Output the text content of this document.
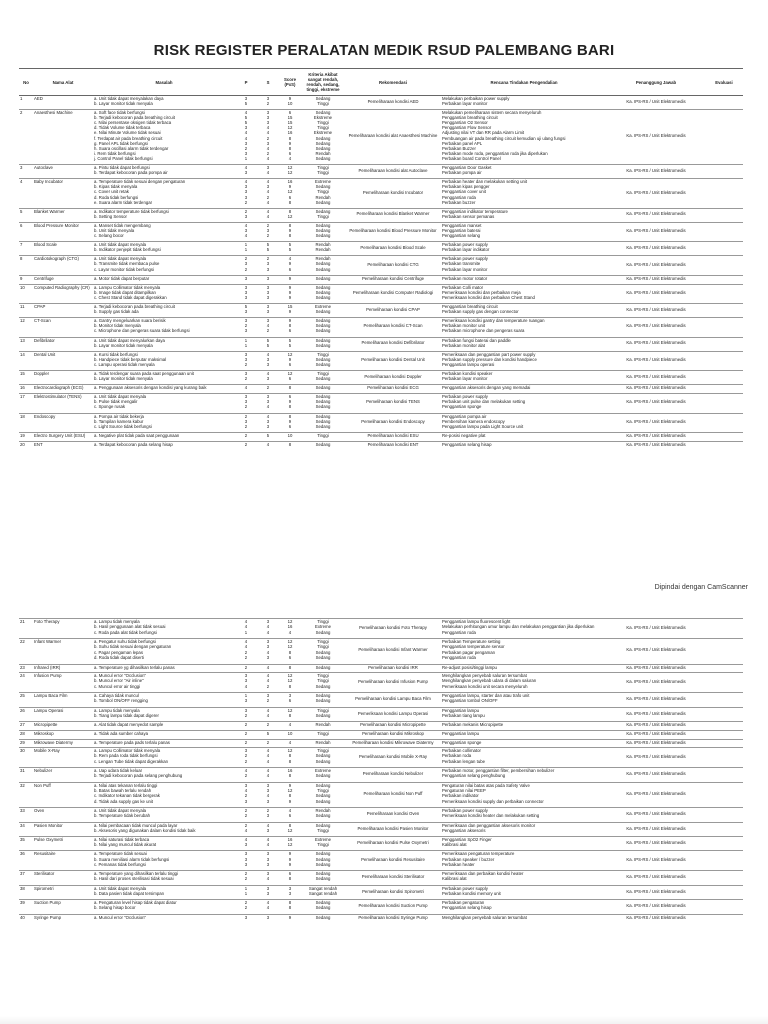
RISK REGISTER PERALATAN MEDIK RSUD PALEMBANG BARI
No	Nama Alat	Masalah	P	S	Score (PxS)	Kriteria Akibat sangat rendah, rendah, sedang, tinggi, ekstreme	Rekomendasi	Rencana Tindakan Pengendalian	Penanggung Jawab	Evaluasi
1	AED	a. Unit tidak dapat menyalakan daya	3	3	9	Sedang	Pemeliharaan kondisi AED	Melakukan perbaikan power supply	Ka. IPS-RS / Unit Elektromedis	
		b. Layar monitor tidak menyala	5	2	10	Tinggi		Perbaikan layar monitor		

2	Anaesthesi Machine	a. Soft face tidak berfungsi	4	3	6	Sedang	Pemeliharaan kondisi alat Anaesthesi Machine	Melakukan pemeliharaan sistem secara menyeluruh	Ka. IPS-RS / Unit Elektromedis	
		b. Terjadi kebocoran pada breathing circuit	5	3	15	Ekstreme		Penggantian breathing circuit		
		c. Nilai persentase oksigen tidak terbaca	5	3	15	Tinggi		Penggantian O2 Sensor		
		d. Tidak Volume tidak terbaca	3	4	12	Tinggi		Penggantian Flow Sensor		
		e. Nilai Minute Volume tidak sesuai	4	4	16	Ekstreme		Adjusting nilai VT dan RR pada Alarm Limit		
		f. Terdapat air pada breathing circuit	4	2	8	Sedang		Pembuangan air pada breathing circuit kemudian uji ulang fungsi		
		g. Panel APL tidak berfungsi	3	3	9	Sedang		Perbaikan panel APL		
		h. Suara oscillasi alarm tidak terdengar	2	4	8	Sedang		Perbaikan Buzzer		
		i. Rem tidak berfungsi	3	2	6	Rendah		Perbaikan mode roda, penggantian roda jika diperlukan		
		j. Control Panel tidak berfungsi	1	4	4	Sedang		Perbaikan board Control Panel		

3	Autoclave	a. Pintu tidak dapat berfungsi	4	3	12	Tinggi	Pemeliharaan kondisi alat Autoclave	Penggantian Door Gasket	Ka. IPS-RS / Unit Elektromedis	
		b. Terdapat kebocoran pada pompa air	3	4	12	Tinggi		Perbaikan pompa air		

4	Baby Incubator	a. Temperature tidak sesuai dengan pengaturan	4	4	16	Extreme	Pemeliharaan kondisi Incubator	Perbaikan heater dan melakukan setting unit	Ka. IPS-RS / Unit Elektromedis	
		b. Kipas tidak menyala	3	3	9	Sedang		Perbaikan kipas pengger		
		c. Cover unit retak	3	4	12	Tinggi		Penggantian cover unit		
		d. Roda tidak berfungsi	3	2	6	Rendah		Penggantian roda		
		e. Suara alarm tidak terdengar	2	4	8	Sedang		Perbaikan buzzer		

5	Blanket Warmer	a. Indikator temperature tidak berfungsi	2	4	8	Sedang	Pemeliharaan kondisi Blanket Warmer	Penggantian indikator temperature	Ka. IPS-RS / Unit Elektromedis	
		b. Setting Sensor	3	4	12	Tinggi		Perbaikan sensor pemanas		

6	Blood Pressure Monitor	a. Manset tidak mengembang	4	2	8	Sedang	Pemeliharaan kondisi Blood Pressure Monitor	Penggantian manset	Ka. IPS-RS / Unit Elektromedis	
		b. Unit tidak menyala	3	3	9	Sedang		Penggantian baterai		
		c. Selang bocor	4	2	8	Sedang		Penggantian selang		

7	Blood Scale	a. Unit tidak dapat menyala	1	5	5	Rendah	Pemeliharaan kondisi Blood Scale	Perbaikan power supply	Ka. IPS-RS / Unit Elektromedis	
		b. Indikator penjepit tidak berfungsi	1	5	5	Rendah		Perbaikan layar indikator		

8	Cardiotokograph (CTG)	a. Unit tidak dapat menyala	2	2	4	Rendah	Pemeliharaan kondisi CTG	Perbaikan power supply	Ka. IPS-RS / Unit Elektromedis	
		b. Transmite tidak membaca pulse	3	3	9	Sedang		Perbaikan transmite		
		c. Layar monitor tidak berfungsi	2	3	6	Sedang		Perbaikan layar monitor		

9	Centrifuge	a. Motor tidak dapat berputar	3	3	9	Sedang	Pemeliharaan kondisi Centrifuge	Perbaikan motor rotator	Ka. IPS-RS / Unit Elektromedis	

10	Computed Radiography (CR)	a. Lampu Collimator tidak menyala	3	3	9	Sedang	Pemeliharaan kondisi Computer Radiologi	Perbaikan Colli mator	Ka. IPS-RS / Unit Elektromedis	
		b. Image tidak dapat ditampilkan	3	3	9	Sedang		Pemeriksaan kondisi dan perbaikan meja		
		c. Chest Stand tidak dapat digerakkan	3	3	9	Sedang		Pemeriksaan kondisi dan perbaikan Chest Stand		

11	CPAP	a. Terjadi kebocoran pada breathing circuit	5	3	15	Extreme	Pemeliharaan kondisi CPAP	Penggantian breathing circuit	Ka. IPS-RS / Unit Elektromedis	
		b. Supply gas tidak ada	3	3	9	Sedang		Perbaikan supply gas dengan connector		

12	CT-Scan	a. Gantry mengeluarkan suara berisik	3	3	9	Sedang	Pemeliharaan kondisi CT-Scan	Pemeriksaan kondisi gantry dan temperature ruangan	Ka. IPS-RS / Unit Elektromedis	
		b. Monitor tidak menyala	2	4	8	Sedang		Perbaikan monitor unit		
		c. Microphone dan pengeras suara tidak berfungsi	3	2	6	Sedang		Perbaikan microphone dan pengeras suara		

13	Defibrilator	a. Unit tidak dapat menyalurkan daya	1	5	5	Sedang	Pemeliharaan kondisi Defibrilator	Perbaikan fungsi baterai dan paddle	Ka. IPS-RS / Unit Elektromedis	
		b. Layar monitor tidak menyala	1	5	5	Sedang		Perbaikan monitor alat		

14	Dental Unit	a. Kursi tidak berfungsi	3	4	12	Tinggi	Pemeliharaan kondisi Dental Unit	Pemeriksaan dan penggantian part power supply	Ka. IPS-RS / Unit Elektromedis	
		b. Handpiece tidak berputar maksimal	3	3	9	Sedang		Perbaikan supply pressure dan kondisi handpiece		
		c. Lampu operasi tidak menyala	2	3	6	Sedang		Penggantian lampu operasi		

15	Doppler	a. Tidak terdengar suara pada saat penggunaan unit	3	4	12	Tinggi	Pemeliharaan kondisi Doppler	Perbaikan kondisi speaker	Ka. IPS-RS / Unit Elektromedis	
		b. Layar monitor tidak menyala	2	3	6	Sedang		Perbaikan layar monitor		

16	Electrocardiograph (ECG)	a. Penggunaan aksesoris dengan kondisi yang kurang baik	4	2	8	Sedang	Pemeliharaan kondisi ECG	Penggantian aksesoris dengan yang memadai	Ka. IPS-RS / Unit Elektromedis	

17	Elektrostimulator (TENS)	a. Unit tidak dapat menyala	3	3	6	Sedang	Pemeliharaan kondisi TENS	Perbaikan power supply	Ka. IPS-RS / Unit Elektromedis	
		b. Pulse tidak mengalir	3	3	9	Sedang		Perbaikan unit pulse dan melakukan setting		
		c. Sponge rusak	2	4	8	Sedang		Penggantian sponge		

18	Endoscopy	a. Pompa air tidak bekerja	2	4	8	Sedang	Pemeliharaan kondisi Endoscopy	Penggantian pompa air	Ka. IPS-RS / Unit Elektromedis	
		b. Tampilan kamera kabur	3	3	9	Sedang		Pembersihan kamera endoscopy		
		c. Light Source tidak berfungsi	2	3	6	Sedang		Penggantian lampu pada Light Source unit		

19	Electro Surgery Unit (ESU)	a. Negative plat tidak pada saat penggunaan	2	5	10	Tinggi	Pemeliharaan kondisi ESU	Re-posisi negative plat	Ka. IPS-RS / Unit Elektromedis	

20	ENT	a. Terdapat kebocoran pada selang hisap	2	4	8	Sedang	Pemeliharaan kondisi ENT	Penggantian selang hisap	Ka. IPS-RS / Unit Elektromedis	

Dipindai dengan CamScanner
21	Foto Therapy	a. Lampu tidak menyala	4	3	12	Tinggi	Pemeliharaan kondisi Foto Therapy	Penggantian lampu fluorescent light	Ka. IPS-RS / Unit Elektromedis	
		b. Hasil penggunaan alat tidak sesuai	4	4	16	Extreme		Melakukan perhitungan umur lampu dan melakukan penggantian jika diperlukan		
		c. Roda pada alat tidak berfungsi	1	4	4	Sedang		Penggantian roda		

22	Infant Warmer	a. Pengatur suhu tidak berfungsi	4	3	12	Tinggi	Pemeliharaan kondisi Infant Warmer	Perbaikan Temperature setting	Ka. IPS-RS / Unit Elektromedis	
		b. Suhu tidak sesuai dengan pengaturan	4	3	12	Tinggi		Penggantian temperature sensor		
		c. Pagar pengaman lepas	2	4	8	Sedang		Perbaikan pagar pengaman		
		d. Roda tidak dapat diserti	2	3	6	Sedang		Penggantian roda		

23	Infrared (IRR)	a. Temperature yg dihasilkan terlalu panas	2	4	8	Sedang	Pemeliharaan kondisi IRR	Re-adjust posisi/tinggi lampu	Ka. IPS-RS / Unit Elektromedis	

24	Infusion Pump	a. Muncul error "Occlusion"	3	4	12	Tinggi	Pemeliharaan kondisi Infusion Pump	Menghilangkan penyebab saluran tersumbat	Ka. IPS-RS / Unit Elektromedis	
		b. Muncul error "Air inline"	3	4	12	Tinggi		Menghilangkan penyebab udara di dalam saluran		
		c. Muncul error air tinggi	4	2	8	Sedang		Pemeriksaan kondisi unit secara menyeluruh		

25	Lampu Baca Film	a. Cahaya tidak muncul	1	3	3	Sedang	Pemeliharaan kondisi Lampu Baca Film	Penggantian lampu, starter dan atau trafo unit	Ka. IPS-RS / Unit Elektromedis	
		b. Tombol ON/OFF rengging	3	2	6	Sedang		Penggantian tombol ON/OFF		

26	Lampu Operasi	a. Lampu tidak menyala	3	4	12	Tinggi	Pemeriksaan kondisi Lampu Operasi	Penggantian lampu	Ka. IPS-RS / Unit Elektromedis	
		b. Tiang lampu tidak dapat digerer	2	4	8	Sedang		Perbaikan tiang lampu		

27	Micropipette	a. Alat tidak dapat menyedot sample	2	2	4	Rendah	Pemeliharaan kondisi Micropipette	Perbaikan mekanis Micropipette	Ka. IPS-RS / Unit Elektromedis	

28	Mikroskop	a. Tidak ada sumber cahaya	2	5	10	Tinggi	Pemeliharaan kondisi Mikroskop	Penggantian lampu	Ka. IPS-RS / Unit Elektromedis	

29	Mikrowave Diatermy	a. Temperature pada pads terlalu panas	2	2	4	Rendah	Pemeliharaan kondisi Mikrowave Diatermy	Penggantian sponge	Ka. IPS-RS / Unit Elektromedis	

30	Mobile X-Ray	a. Lampu Collimator tidak menyala	3	4	12	Tinggi	Pemeliharaan kondisi Mobile X-Ray	Perbaikan collimator	Ka. IPS-RS / Unit Elektromedis	
		b. Rem pada roda tidak berfungsi	2	4	8	Sedang		Perbaikan roda		
		c. Lengan Tube tidak dapat digerakkan	2	4	8	Sedang		Perbaikan lengan tube		

31	Nebulizer	a. Uap udara tidak keluar	4	4	16	Extreme	Pemeliharaan kondisi Nebulizer	Perbaikan motor, penggantian filter, pembersihan nebulizer	Ka. IPS-RS / Unit Elektromedis	
		b. Terjadi kebocoran pada selang penghubung	2	4	8	Sedang		Penggantian selang penghubung		

32	Non Puff	a. Nilai atas tekanan terlalu tinggi	3	3	9	Sedang	Pemeliharaan kondisi Non Puff	Pengaturan nilai batas atas pada Safety Valve	Ka. IPS-RS / Unit Elektromedis	
		b. Batas bawah terlalu rendah	4	3	12	Tinggi		Pengaturan nilai PEEP		
		c. Indikator tekanan tidak bergerak	2	4	8	Sedang		Perbaikan indikator		
		d. Tidak ada supply gas ke unit	3	3	9	Sedang		Pemeriksaan kondisi supply dan perbaikan connector		

33	Oven	a. Unit tidak dapat menyala	2	2	4	Rendah	Pemeliharaan kondisi Oven	Perbaikan power supply	Ka. IPS-RS / Unit Elektromedis	
		b. Temperature tidak berubah	2	3	6	Sedang		Pemeriksaan kondisi heater dan melakukan setting		

34	Pasien Monitor	a. Nilai pembacaan tidak muncul pada layar	2	4	8	Sedang	Pemeliharaan kondisi Pasien Monitor	Pemeriksaan dan penggantian aksesoris monitor	Ka. IPS-RS / Unit Elektromedis	
		b. Aksesoris yang digunakan dalam kondisi tidak baik	4	3	12	Tinggi		Penggantian aksesoris		

35	Pulse Oxymetri	a. Nilai saturasi tidak terbaca	4	4	16	Extreme	Pemeliharaan kondisi Pulse Oxymetri	Penggantian SpO2 Finger	Ka. IPS-RS / Unit Elektromedis	
		b. Nilai yang muncul tidak akurat	3	4	12	Tinggi		Kalibrasi alat		

36	Resusitaire	a. Temperature tidak sesuai	3	3	9	Sedang	Pemeliharaan kondisi Resusitaire	Pemeriksaan pengaturan temperature	Ka. IPS-RS / Unit Elektromedis	
		b. Suara meniliasi alarm tidak berfungsi	3	3	9	Sedang		Perbaikan speaker / buzzer		
		c. Pemanas tidak berfungsi	3	3	9	Sedang		Perbaikan heater		

37	Sterilisator	a. Temperature yang dihasilkan terlalu tinggi	2	3	6	Sedang	Pemeliharaan kondisi Sterilisator	Pemeriksaan dan perbaikan kondisi heater	Ka. IPS-RS / Unit Elektromedis	
		b. Hasil dari proses sterilisasi tidak sesuai	2	4	8	Sedang		Kalibrasi alat		

38	Spirometri	a. Unit tidak dapat menyala	1	3	3	Sangat rendah	Pemeliharaan kondisi Spirometri	Perbaikan power supply	Ka. IPS-RS / Unit Elektromedis	
		b. Data pasien tidak dapat tersimpan	1	3	3	Sangat rendah		Perbaikan kondisi memory unit		

39	Suction Pump	a. Pengaturan level hisap tidak dapat diatur	2	4	8	Sedang	Pemeliharaan kondisi Suction Pump	Perbaikan pengaturan	Ka. IPS-RS / Unit Elektromedis	
		b. Selang hisap bocor	2	4	8	Sedang		Penggantian selang hisap		

40	Syringe Pump	a. Muncul error "Occlusion"	3	3	9	Sedang	Pemeliharaan kondisi Syringe Pump	Menghilangkan penyebab saluran tersumbat	Ka. IPS-RS / Unit Elektromedis	
